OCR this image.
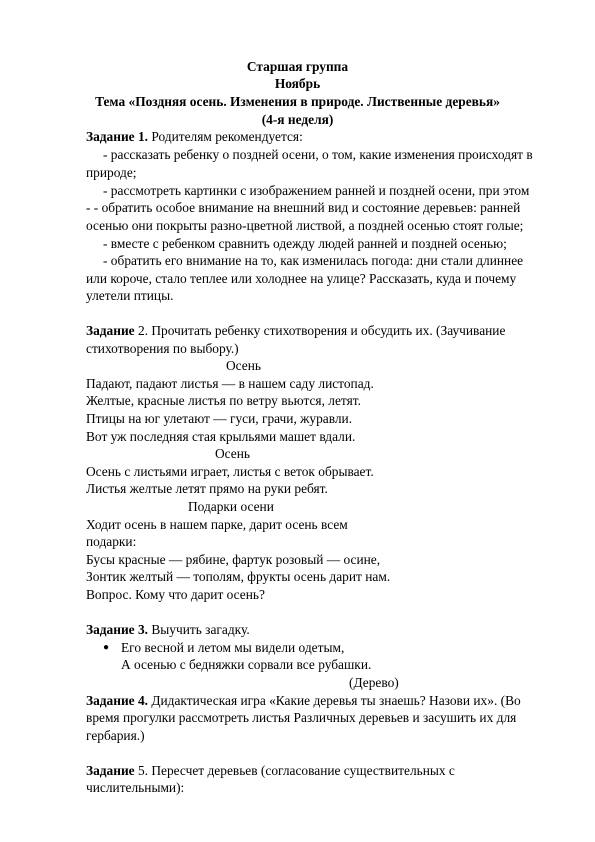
Старшая группа
Ноябрь
Тема «Поздняя осень. Изменения в природе. Лиственные деревья»
(4-я неделя)
Задание 1. Родителям рекомендуется:
- рассказать ребенку о поздней осени, о том, какие изменения происходят в
природе;
- рассмотреть картинки с изображением ранней и поздней осени, при этом
- - обратить особое внимание на внешний вид и состояние деревьев: ранней
осенью они покрыты разно-цветной листвой, а поздней осенью стоят голые;
- вместе с ребенком сравнить одежду людей ранней и поздней осенью;
- обратить его внимание на то, как изменилась погода: дни стали длиннее
или короче, стало теплее или холоднее на улице? Рассказать, куда и почему
улетели птицы.
Задание 2. Прочитать ребенку стихотворения и обсудить их. (Заучивание
стихотворения по выбору.)
Осень
Падают, падают листья — в нашем саду листопад.
Желтые, красные листья по ветру вьются, летят.
Птицы на юг улетают — гуси, грачи, журавли.
Вот уж последняя стая крыльями машет вдали.
Осень
Осень с листьями играет, листья с веток обрывает.
Листья желтые летят прямо на руки ребят.
Подарки осени
Ходит осень в нашем парке, дарит осень всем
подарки:
Бусы красные — рябине, фартук розовый — осине,
Зонтик желтый — тополям, фрукты осень дарит нам.
Вопрос. Кому что дарит осень?
Задание 3. Выучить загадку.
● Его весной и летом мы видели одетым,
А осенью с бедняжки сорвали все рубашки.
(Дерево)
Задание 4. Дидактическая игра «Какие деревья ты знаешь? Назови их». (Во
время прогулки рассмотреть листья Различных деревьев и засушить их для
гербария.)
Задание 5. Пересчет деревьев (согласование существительных с
числительными):
